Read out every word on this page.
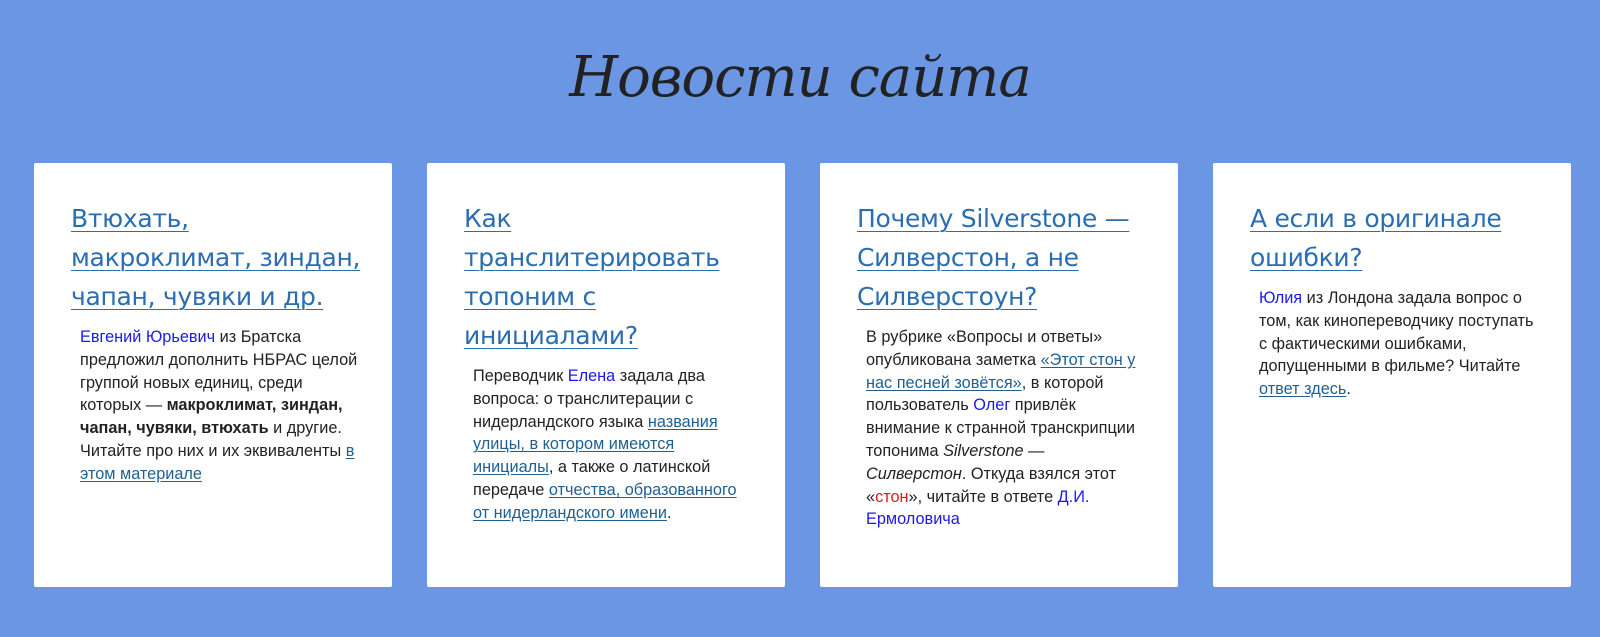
Новости сайта
Втюхать, макроклимат, зиндан, чапан, чувяки и др.
Евгений Юрьевич из Братска предложил дополнить НБРАС целой группой новых единиц, среди которых — макроклимат, зиндан, чапан, чувяки, втюхать и другие. Читайте про них и их эквиваленты в этом материале
Как транслитерировать топоним с инициалами?
Переводчик Елена задала два вопроса: о транслитерации с нидерландского языка названия улицы, в котором имеются инициалы, а также о латинской передаче отчества, образованного от нидерландского имени.
Почему Silverstone — Силверстон, а не Силверстоун?
В рубрике «Вопросы и ответы» опубликована заметка «Этот стон у нас песней зовётся», в которой пользователь Олег привлёк внимание к странной транскрипции топонима Silverstone — Силверстон. Откуда взялся этот «стон», читайте в ответе Д.И. Ермоловича
А если в оригинале ошибки?
Юлия из Лондона задала вопрос о том, как кинопереводчику поступать с фактическими ошибками, допущенными в фильме? Читайте ответ здесь.
